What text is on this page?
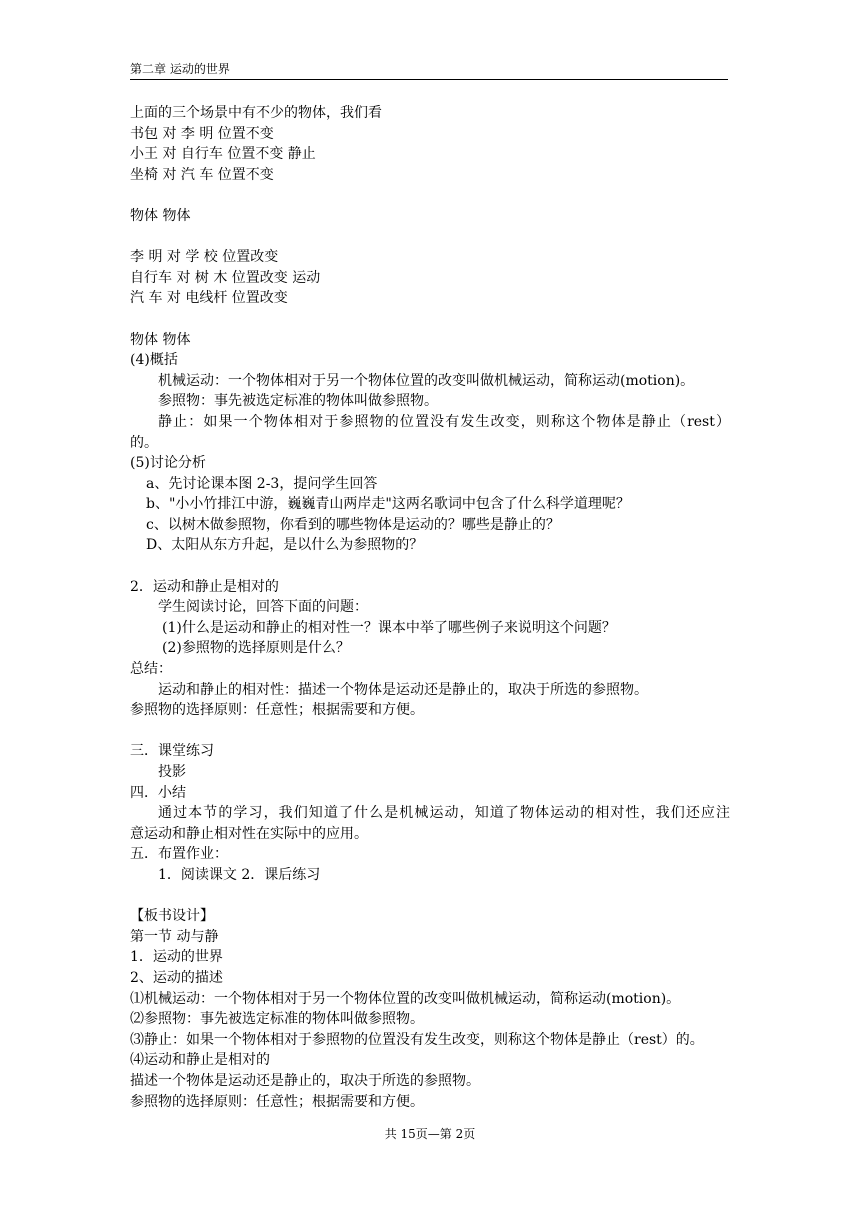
第二章 运动的世界
上面的三个场景中有不少的物体，我们看
书包 对 李 明 位置不变
小王 对 自行车 位置不变 静止
坐椅 对 汽 车 位置不变
物体 物体
李 明 对 学 校 位置改变
自行车 对 树 木 位置改变 运动
汽 车 对 电线杆 位置改变
物体 物体
(4)概括
机械运动：一个物体相对于另一个物体位置的改变叫做机械运动，简称运动(motion)。
参照物：事先被选定标准的物体叫做参照物。
静止：如果一个物体相对于参照物的位置没有发生改变，则称这个物体是静止（rest）
的。
(5)讨论分析
a、先讨论课本图 2-3，提问学生回答
b、"小小竹排江中游，巍巍青山两岸走"这两名歌词中包含了什么科学道理呢？
c、以树木做参照物，你看到的哪些物体是运动的？哪些是静止的？
D、太阳从东方升起，是以什么为参照物的？
2．运动和静止是相对的
学生阅读讨论，回答下面的问题：
(1)什么是运动和静止的相对性一？课本中举了哪些例子来说明这个问题？
(2)参照物的选择原则是什么？
总结：
运动和静止的相对性：描述一个物体是运动还是静止的，取决于所选的参照物。
参照物的选择原则：任意性；根据需要和方便。
三．课堂练习
投影
四．小结
通过本节的学习，我们知道了什么是机械运动，知道了物体运动的相对性，我们还应注
意运动和静止相对性在实际中的应用。
五．布置作业：
1．阅读课文 2．课后练习
【板书设计】
第一节 动与静
1．运动的世界
2、运动的描述
⑴机械运动：一个物体相对于另一个物体位置的改变叫做机械运动，简称运动(motion)。
⑵参照物：事先被选定标准的物体叫做参照物。
⑶静止：如果一个物体相对于参照物的位置没有发生改变，则称这个物体是静止（rest）的。
⑷运动和静止是相对的
描述一个物体是运动还是静止的，取决于所选的参照物。
参照物的选择原则：任意性；根据需要和方便。
共 15页—第 2页
